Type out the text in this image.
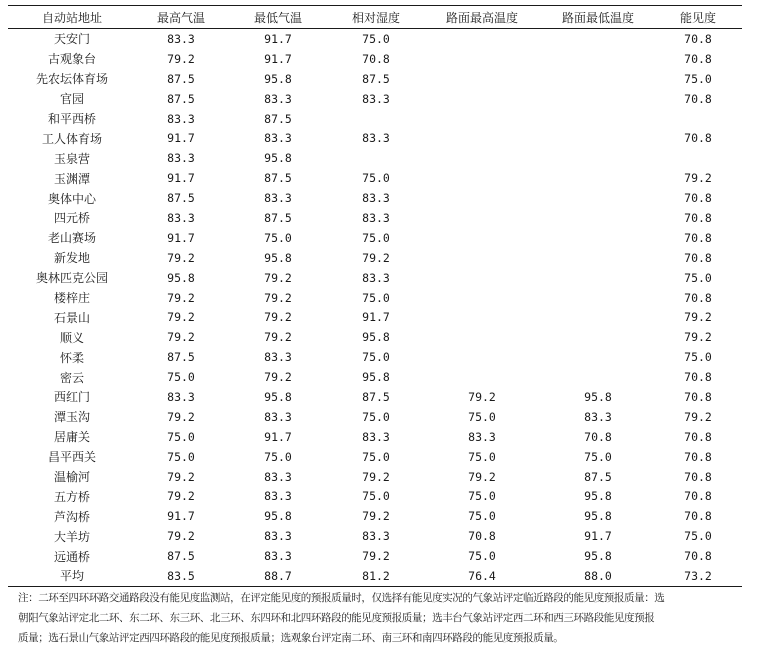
自动站地址	最高气温	最低气温	相对湿度	路面最高温度	路面最低温度	能见度
天安门	83.3	91.7	75.0			70.8
古观象台	79.2	91.7	70.8			70.8
先农坛体育场	87.5	95.8	87.5			75.0
官园	87.5	83.3	83.3			70.8
和平西桥	83.3	87.5				
工人体育场	91.7	83.3	83.3			70.8
玉泉营	83.3	95.8				
玉渊潭	91.7	87.5	75.0			79.2
奥体中心	87.5	83.3	83.3			70.8
四元桥	83.3	87.5	83.3			70.8
老山赛场	91.7	75.0	75.0			70.8
新发地	79.2	95.8	79.2			70.8
奥林匹克公园	95.8	79.2	83.3			75.0
楼梓庄	79.2	79.2	75.0			70.8
石景山	79.2	79.2	91.7			79.2
顺义	79.2	79.2	95.8			79.2
怀柔	87.5	83.3	75.0			75.0
密云	75.0	79.2	95.8			70.8
西红门	83.3	95.8	87.5	79.2	95.8	70.8
潭玉沟	79.2	83.3	75.0	75.0	83.3	79.2
居庸关	75.0	91.7	83.3	83.3	70.8	70.8
昌平西关	75.0	75.0	75.0	75.0	75.0	70.8
温榆河	79.2	83.3	79.2	79.2	87.5	70.8
五方桥	79.2	83.3	75.0	75.0	95.8	70.8
芦沟桥	91.7	95.8	79.2	75.0	95.8	70.8
大羊坊	79.2	83.3	83.3	70.8	91.7	75.0
远通桥	87.5	83.3	79.2	75.0	95.8	70.8
平均	83.5	88.7	81.2	76.4	88.0	73.2
注：二环至四环环路交通路段没有能见度监测站，在评定能见度的预报质量时，仅选择有能见度实况的气象站评定临近路段的能见度预报质量：选
朝阳气象站评定北二环、东二环、东三环、北三环、东四环和北四环路段的能见度预报质量；选丰台气象站评定西二环和西三环路段能见度预报
质量；选石景山气象站评定西四环路段的能见度预报质量；选观象台评定南二环、南三环和南四环路段的能见度预报质量。
